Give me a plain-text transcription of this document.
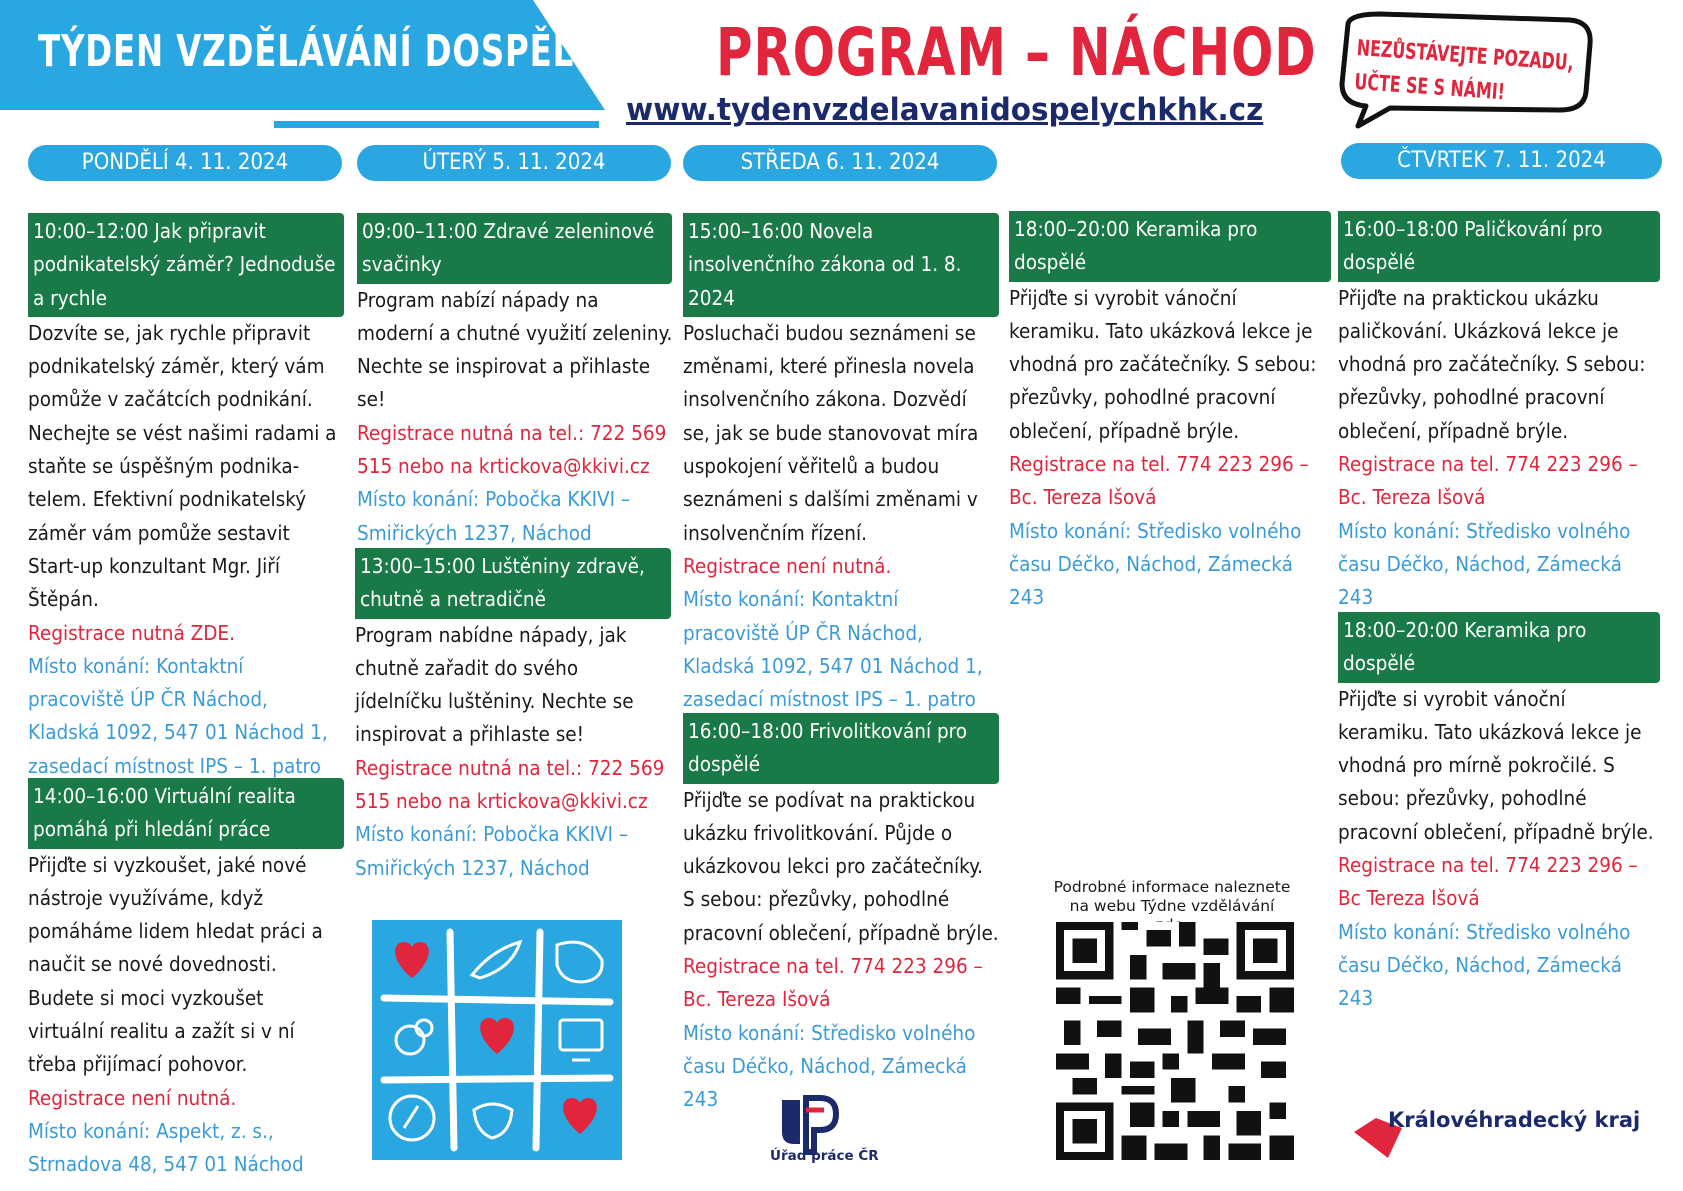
TÝDEN VZDĚLÁVÁNÍ DOSPĚLÝCH PROGRAM – NÁCHOD
www.tydenvzdelavanidospelychkhk.cz
NEZŮSTÁVEJTE POZADU,
UČTE SE S NÁMI!
PONDĚLÍ 4. 11. 2024	ÚTERÝ 5. 11. 2024	STŘEDA 6. 11. 2024	ČTVRTEK 7. 11. 2024
10:00–12:00 Jak připravit podnikatelský záměr? Jednoduše a rychle
Dozvíte se, jak rychle připravit podnikatelský záměr, který vám pomůže v začátcích podnikání. Nechejte se vést našimi radami a staňte se úspěšným podnika-telem. Efektivní podnikatelský záměr vám pomůže sestavit Start-up konzultant Mgr. Jiří Štěpán.
Registrace nutná ZDE.
Místo konání: Kontaktní pracoviště ÚP ČR Náchod, Kladská 1092, 547 01 Náchod 1, zasedací místnost IPS – 1. patro
14:00–16:00 Virtuální realita pomáhá při hledání práce
Přijďte si vyzkoušet, jaké nové nástroje využíváme, když pomáháme lidem hledat práci a naučit se nové dovednosti. Budete si moci vyzkoušet virtuální realitu a zažít si v ní třeba přijímací pohovor. Registrace není nutná.
Místo konání: Aspekt, z. s., Strnadova 48, 547 01 Náchod
09:00–11:00 Zdravé zeleninové svačinky
Program nabízí nápady na moderní a chutné využití zeleniny. Nechte se inspirovat a přihlaste se!
Registrace nutná na tel.: 722 569 515 nebo na krtickova@kkivi.cz
Místo konání: Pobočka KKIVI – Smiřických 1237, Náchod
13:00–15:00 Luštěniny zdravě, chutně a netradičně
Program nabídne nápady, jak chutně zařadit do svého jídelníčku luštěniny. Nechte se inspirovat a přihlaste se!
Registrace nutná na tel.: 722 569 515 nebo na krtickova@kkivi.cz
Místo konání: Pobočka KKIVI – Smiřických 1237, Náchod
15:00–16:00 Novela insolvenčního zákona od 1. 8. 2024
Posluchači budou seznámeni se změnami, které přinesla novela insolvenčního zákona. Dozvědí se, jak se bude stanovovat míra uspokojení věřitelů a budou seznámeni s dalšími změnami v insolvenčním řízení.
Registrace není nutná.
Místo konání: Kontaktní pracoviště ÚP ČR Náchod, Kladská 1092, 547 01 Náchod 1, zasedací místnost IPS – 1. patro
16:00–18:00 Frivolitkování pro dospělé
Přijďte se podívat na praktickou ukázku frivolitkování. Půjde o ukázkovou lekci pro začátečníky. S sebou: přezůvky, pohodlné pracovní oblečení, případně brýle.
Registrace na tel. 774 223 296 – Bc. Tereza Išová
Místo konání: Středisko volného času Déčko, Náchod, Zámecká 243
18:00–20:00 Keramika pro dospělé
Přijďte si vyrobit vánoční keramiku. Tato ukázková lekce je vhodná pro začátečníky. S sebou: přezůvky, pohodlné pracovní oblečení, případně brýle.
Registrace na tel. 774 223 296 – Bc. Tereza Išová
Místo konání: Středisko volného času Déčko, Náchod, Zámecká 243
Podrobné informace naleznete na webu Týdne vzdělávání
16:00–18:00 Paličkování pro dospělé
Přijďte na praktickou ukázku paličkování. Ukázková lekce je vhodná pro začátečníky. S sebou: přezůvky, pohodlné pracovní oblečení, případně brýle.
Registrace na tel. 774 223 296 – Bc. Tereza Išová
Místo konání: Středisko volného času Déčko, Náchod, Zámecká 243
18:00–20:00 Keramika pro dospělé
Přijďte si vyrobit vánoční keramiku. Tato ukázková lekce je vhodná pro mírně pokročilé. S sebou: přezůvky, pohodlné pracovní oblečení, případně brýle.
Registrace na tel. 774 223 296 – Bc Tereza Išová
Místo konání: Středisko volného času Déčko, Náchod, Zámecká 243
Úřad práce ČR
Královéhradecký kraj
